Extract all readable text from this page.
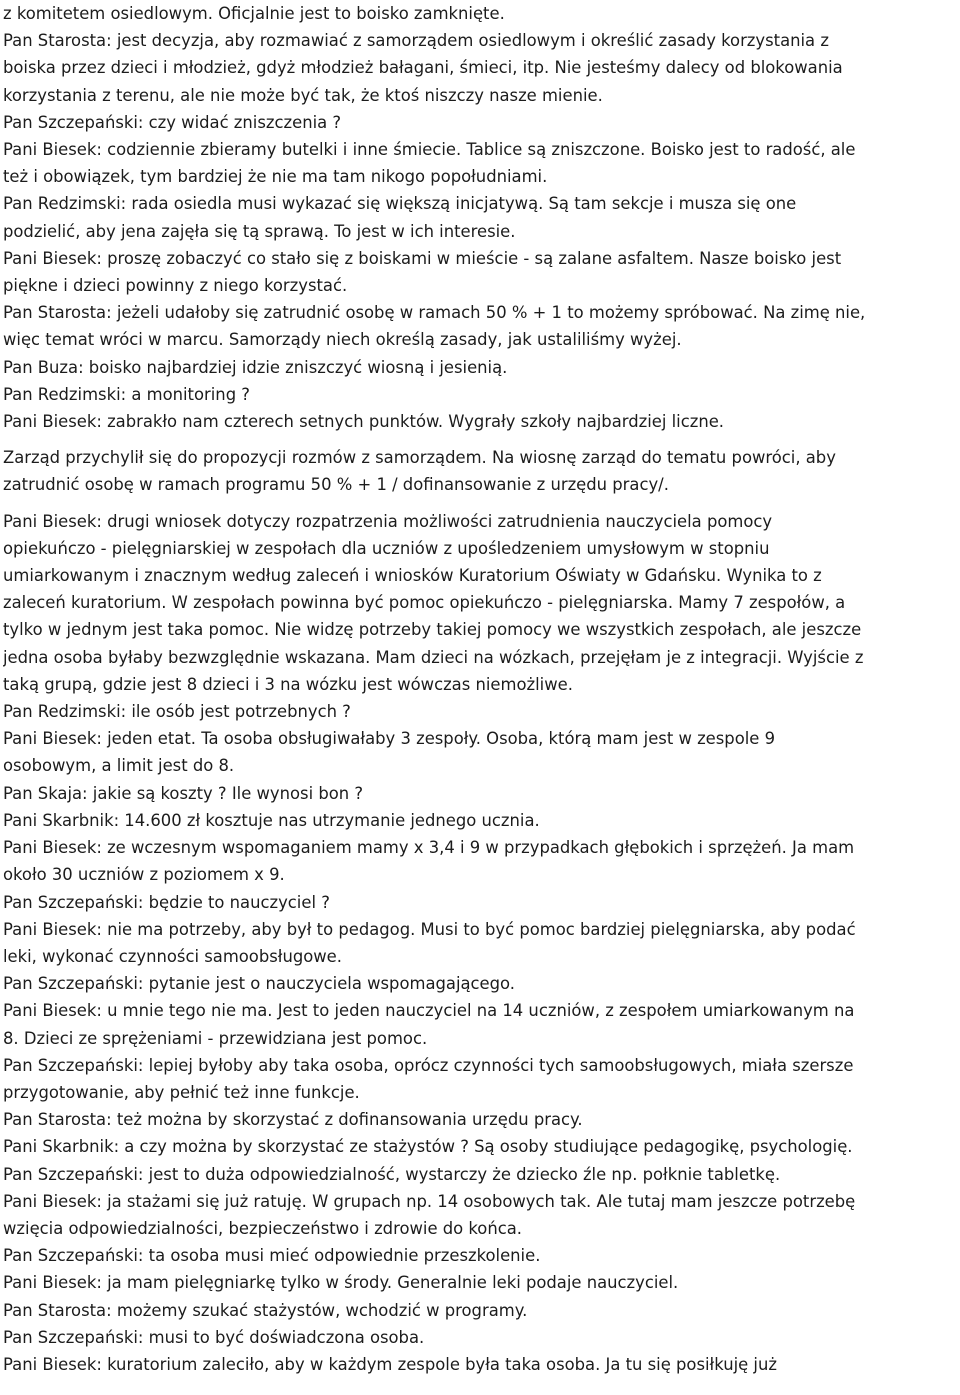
z komitetem osiedlowym. Oficjalnie jest to boisko zamknięte.

Pan Starosta: jest decyzja, aby rozmawiać z samorządem osiedlowym i określić zasady korzystania z

boiska przez dzieci i młodzież, gdyż młodzież bałagani, śmieci, itp. Nie jesteśmy dalecy od blokowania

korzystania z terenu, ale nie może być tak, że ktoś niszczy nasze mienie.

Pan Szczepański: czy widać zniszczenia ?

Pani Biesek: codziennie zbieramy butelki i inne śmiecie. Tablice są zniszczone. Boisko jest to radość, ale

też i obowiązek, tym bardziej że nie ma tam nikogo popołudniami.

Pan Redzimski: rada osiedla musi wykazać się większą inicjatywą. Są tam sekcje i musza się one

podzielić, aby jena zajęła się tą sprawą. To jest w ich interesie.

Pani Biesek: proszę zobaczyć co stało się z boiskami w mieście - są zalane asfaltem. Nasze boisko jest

piękne i dzieci powinny z niego korzystać.

Pan Starosta: jeżeli udałoby się zatrudnić osobę w ramach 50 % + 1 to możemy spróbować. Na zimę nie,

więc temat wróci w marcu. Samorządy niech określą zasady, jak ustaliliśmy wyżej.

Pan Buza: boisko najbardziej idzie zniszczyć wiosną i jesienią.

Pan Redzimski: a monitoring ?

Pani Biesek: zabrakło nam czterech setnych punktów. Wygrały szkoły najbardziej liczne.

Zarząd przychylił się do propozycji rozmów z samorządem. Na wiosnę zarząd do tematu powróci, aby

zatrudnić osobę w ramach programu 50 % + 1 / dofinansowanie z urzędu pracy/.

Pani Biesek: drugi wniosek dotyczy rozpatrzenia możliwości zatrudnienia nauczyciela pomocy

opiekuńczo - pielęgniarskiej w zespołach dla uczniów z upośledzeniem umysłowym w stopniu

umiarkowanym i znacznym według zaleceń i wniosków Kuratorium Oświaty w Gdańsku. Wynika to z

zaleceń kuratorium. W zespołach powinna być pomoc opiekuńczo - pielęgniarska. Mamy 7 zespołów, a

tylko w jednym jest taka pomoc. Nie widzę potrzeby takiej pomocy we wszystkich zespołach, ale jeszcze

jedna osoba byłaby bezwzględnie wskazana. Mam dzieci na wózkach, przejęłam je z integracji. Wyjście z

taką grupą, gdzie jest 8 dzieci i 3 na wózku jest wówczas niemożliwe.

Pan Redzimski: ile osób jest potrzebnych ?

Pani Biesek: jeden etat. Ta osoba obsługiwałaby 3 zespoły. Osoba, którą mam jest w zespole 9

osobowym, a limit jest do 8.

Pan Skaja: jakie są koszty ? Ile wynosi bon ?

Pani Skarbnik: 14.600 zł kosztuje nas utrzymanie jednego ucznia.

Pani Biesek: ze wczesnym wspomaganiem mamy x 3,4 i 9 w przypadkach głębokich i sprzężeń. Ja mam

około 30 uczniów z poziomem x 9.

Pan Szczepański: będzie to nauczyciel ?

Pani Biesek: nie ma potrzeby, aby był to pedagog. Musi to być pomoc bardziej pielęgniarska, aby podać

leki, wykonać czynności samoobsługowe.

Pan Szczepański: pytanie jest o nauczyciela wspomagającego.

Pani Biesek: u mnie tego nie ma. Jest to jeden nauczyciel na 14 uczniów, z zespołem umiarkowanym na

8. Dzieci ze sprężeniami - przewidziana jest pomoc.

Pan Szczepański: lepiej byłoby aby taka osoba, oprócz czynności tych samoobsługowych, miała szersze

przygotowanie, aby pełnić też inne funkcje.

Pan Starosta: też można by skorzystać z dofinansowania urzędu pracy.

Pani Skarbnik: a czy można by skorzystać ze stażystów ? Są osoby studiujące pedagogikę, psychologię.

Pan Szczepański: jest to duża odpowiedzialność, wystarczy że dziecko źle np. połknie tabletkę.

Pani Biesek: ja stażami się już ratuję. W grupach np. 14 osobowych tak. Ale tutaj mam jeszcze potrzebę

wzięcia odpowiedzialności, bezpieczeństwo i zdrowie do końca.

Pan Szczepański: ta osoba musi mieć odpowiednie przeszkolenie.

Pani Biesek: ja mam pielęgniarkę tylko w środy. Generalnie leki podaje nauczyciel.

Pan Starosta: możemy szukać stażystów, wchodzić w programy.

Pan Szczepański: musi to być doświadczona osoba.

Pani Biesek: kuratorium zaleciło, aby w każdym zespole była taka osoba. Ja tu się posiłkuję już
